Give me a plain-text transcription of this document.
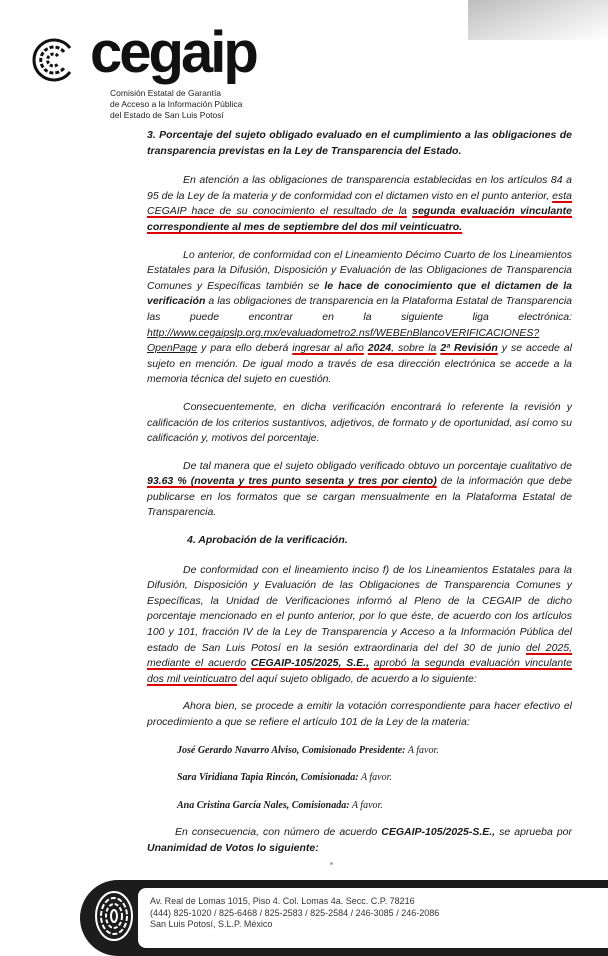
cegaip
Comisión Estatal de Garantía
de Acceso a la Información Pública
del Estado de San Luis Potosí

3. Porcentaje del sujeto obligado evaluado en el cumplimiento a las obligaciones de transparencia previstas en la Ley de Transparencia del Estado.

En atención a las obligaciones de transparencia establecidas en los artículos 84 a 95 de la Ley de la materia y de conformidad con el dictamen visto en el punto anterior, esta CEGAIP hace de su conocimiento el resultado de la segunda evaluación vinculante correspondiente al mes de septiembre del dos mil veinticuatro.

Lo anterior, de conformidad con el Lineamiento Décimo Cuarto de los Lineamientos Estatales para la Difusión, Disposición y Evaluación de las Obligaciones de Transparencia Comunes y Específicas también se le hace de conocimiento que el dictamen de la verificación a las obligaciones de transparencia en la Plataforma Estatal de Transparencia las puede encontrar en la siguiente liga electrónica: http://www.cegaipslp.org.mx/evaluadometro2.nsf/WEBEnBlancoVERIFICACIONES?OpenPage y para ello deberá ingresar al año 2024, sobre la 2ª Revisión y se accede al sujeto en mención. De igual modo a través de esa dirección electrónica se accede a la memoria técnica del sujeto en cuestión.

Consecuentemente, en dicha verificación encontrará lo referente la revisión y calificación de los criterios sustantivos, adjetivos, de formato y de oportunidad, así como su calificación y, motivos del porcentaje.

De tal manera que el sujeto obligado verificado obtuvo un porcentaje cualitativo de 93.63 % (noventa y tres punto sesenta y tres por ciento) de la información que debe publicarse en los formatos que se cargan mensualmente en la Plataforma Estatal de Transparencia.

4. Aprobación de la verificación.

De conformidad con el lineamiento inciso f) de los Lineamientos Estatales para la Difusión, Disposición y Evaluación de las Obligaciones de Transparencia Comunes y Específicas, la Unidad de Verificaciones informó al Pleno de la CEGAIP de dicho porcentaje mencionado en el punto anterior, por lo que éste, de acuerdo con los artículos 100 y 101, fracción IV de la Ley de Transparencia y Acceso a la Información Pública del estado de San Luis Potosí en la sesión extraordinaria del del 30 de junio del 2025, mediante el acuerdo CEGAIP-105/2025, S.E., aprobó la segunda evaluación vinculante dos mil veinticuatro del aquí sujeto obligado, de acuerdo a lo siguiente:

Ahora bien, se procede a emitir la votación correspondiente para hacer efectivo el procedimiento a que se refiere el artículo 101 de la Ley de la materia:

José Gerardo Navarro Alviso, Comisionado Presidente: A favor.

Sara Viridiana Tapia Rincón, Comisionada: A favor.

Ana Cristina García Nales, Comisionada: A favor.

En consecuencia, con número de acuerdo CEGAIP-105/2025-S.E., se aprueba por Unanimidad de Votos lo siguiente:

Av. Real de Lomas 1015, Piso 4. Col. Lomas 4a. Secc. C.P. 78216
(444) 825-1020 / 825-6468 / 825-2583 / 825-2584 / 246-3085 / 246-2086
San Luis Potosí, S.L.P. México
